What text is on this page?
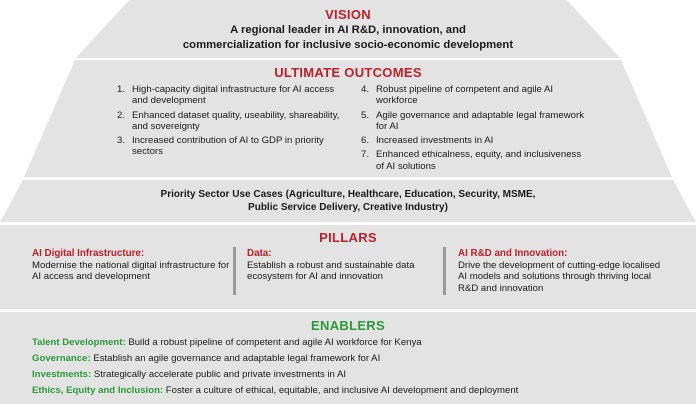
VISION
A regional leader in AI R&D, innovation, and
commercialization for inclusive socio-economic development
ULTIMATE OUTCOMES
1. High-capacity digital infrastructure for AI access and development
2. Enhanced dataset quality, useability, shareability, and sovereignty
3. Increased contribution of AI to GDP in priority sectors
4. Robust pipeline of competent and agile AI workforce
5. Agile governance and adaptable legal framework for AI
6. Increased investments in AI
7. Enhanced ethicalness, equity, and inclusiveness of AI solutions
Priority Sector Use Cases (Agriculture, Healthcare, Education, Security, MSME,
Public Service Delivery, Creative Industry)
PILLARS
AI Digital Infrastructure:
Modernise the national digital infrastructure for AI access and development
Data:
Establish a robust and sustainable data ecosystem for AI and innovation
AI R&D and Innovation:
Drive the development of cutting-edge localised AI models and solutions through thriving local R&D and innovation
ENABLERS
Talent Development: Build a robust pipeline of competent and agile AI workforce for Kenya
Governance: Establish an agile governance and adaptable legal framework for AI
Investments: Strategically accelerate public and private investments in AI
Ethics, Equity and Inclusion: Foster a culture of ethical, equitable, and inclusive AI development and deployment
